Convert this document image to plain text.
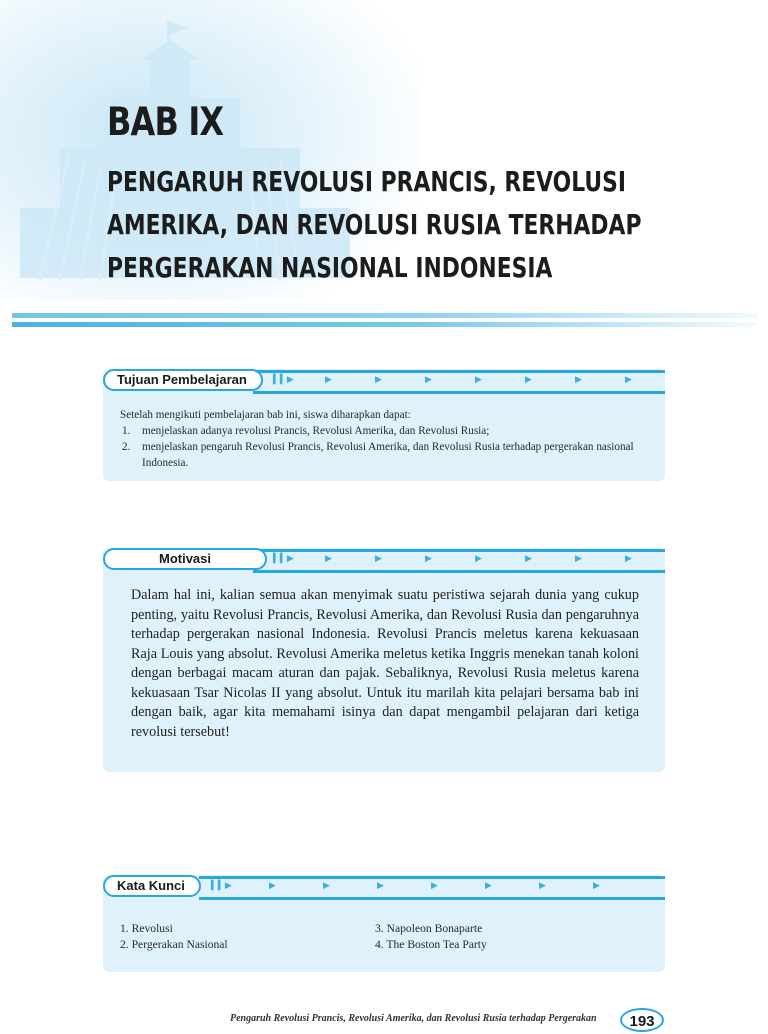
BAB IX
PENGARUH REVOLUSI PRANCIS, REVOLUSI
AMERIKA, DAN REVOLUSI RUSIA TERHADAP
PERGERAKAN NASIONAL INDONESIA
▍▍▶	▶	▶	▶	▶	▶	▶	▶
Tujuan Pembelajaran
Setelah mengikuti pembelajaran bab ini, siswa diharapkan dapat:
1. menjelaskan adanya revolusi Prancis, Revolusi Amerika, dan Revolusi Rusia;
2. menjelaskan pengaruh Revolusi Prancis, Revolusi Amerika, dan Revolusi Rusia terhadap pergerakan nasional Indonesia.
▍▍▶	▶	▶	▶	▶	▶	▶	▶
Motivasi
Dalam hal ini, kalian semua akan menyimak suatu peristiwa sejarah dunia yang cukup penting, yaitu Revolusi Prancis, Revolusi Amerika, dan Revolusi Rusia dan pengaruhnya terhadap pergerakan nasional Indonesia. Revolusi Prancis meletus karena kekuasaan Raja Louis yang absolut. Revolusi Amerika meletus ketika Inggris menekan tanah koloni dengan berbagai macam aturan dan pajak. Sebaliknya, Revolusi Rusia meletus karena kekuasaan Tsar Nicolas II yang absolut. Untuk itu marilah kita pelajari bersama bab ini dengan baik, agar kita memahami isinya dan dapat mengambil pelajaran dari ketiga revolusi tersebut!
▍▍▶	▶	▶	▶	▶	▶	▶	▶
Kata Kunci
1. Revolusi
2. Pergerakan Nasional
3. Napoleon Bonaparte
4. The Boston Tea Party
Pengaruh Revolusi Prancis, Revolusi Amerika, dan Revolusi Rusia terhadap Pergerakan	193
